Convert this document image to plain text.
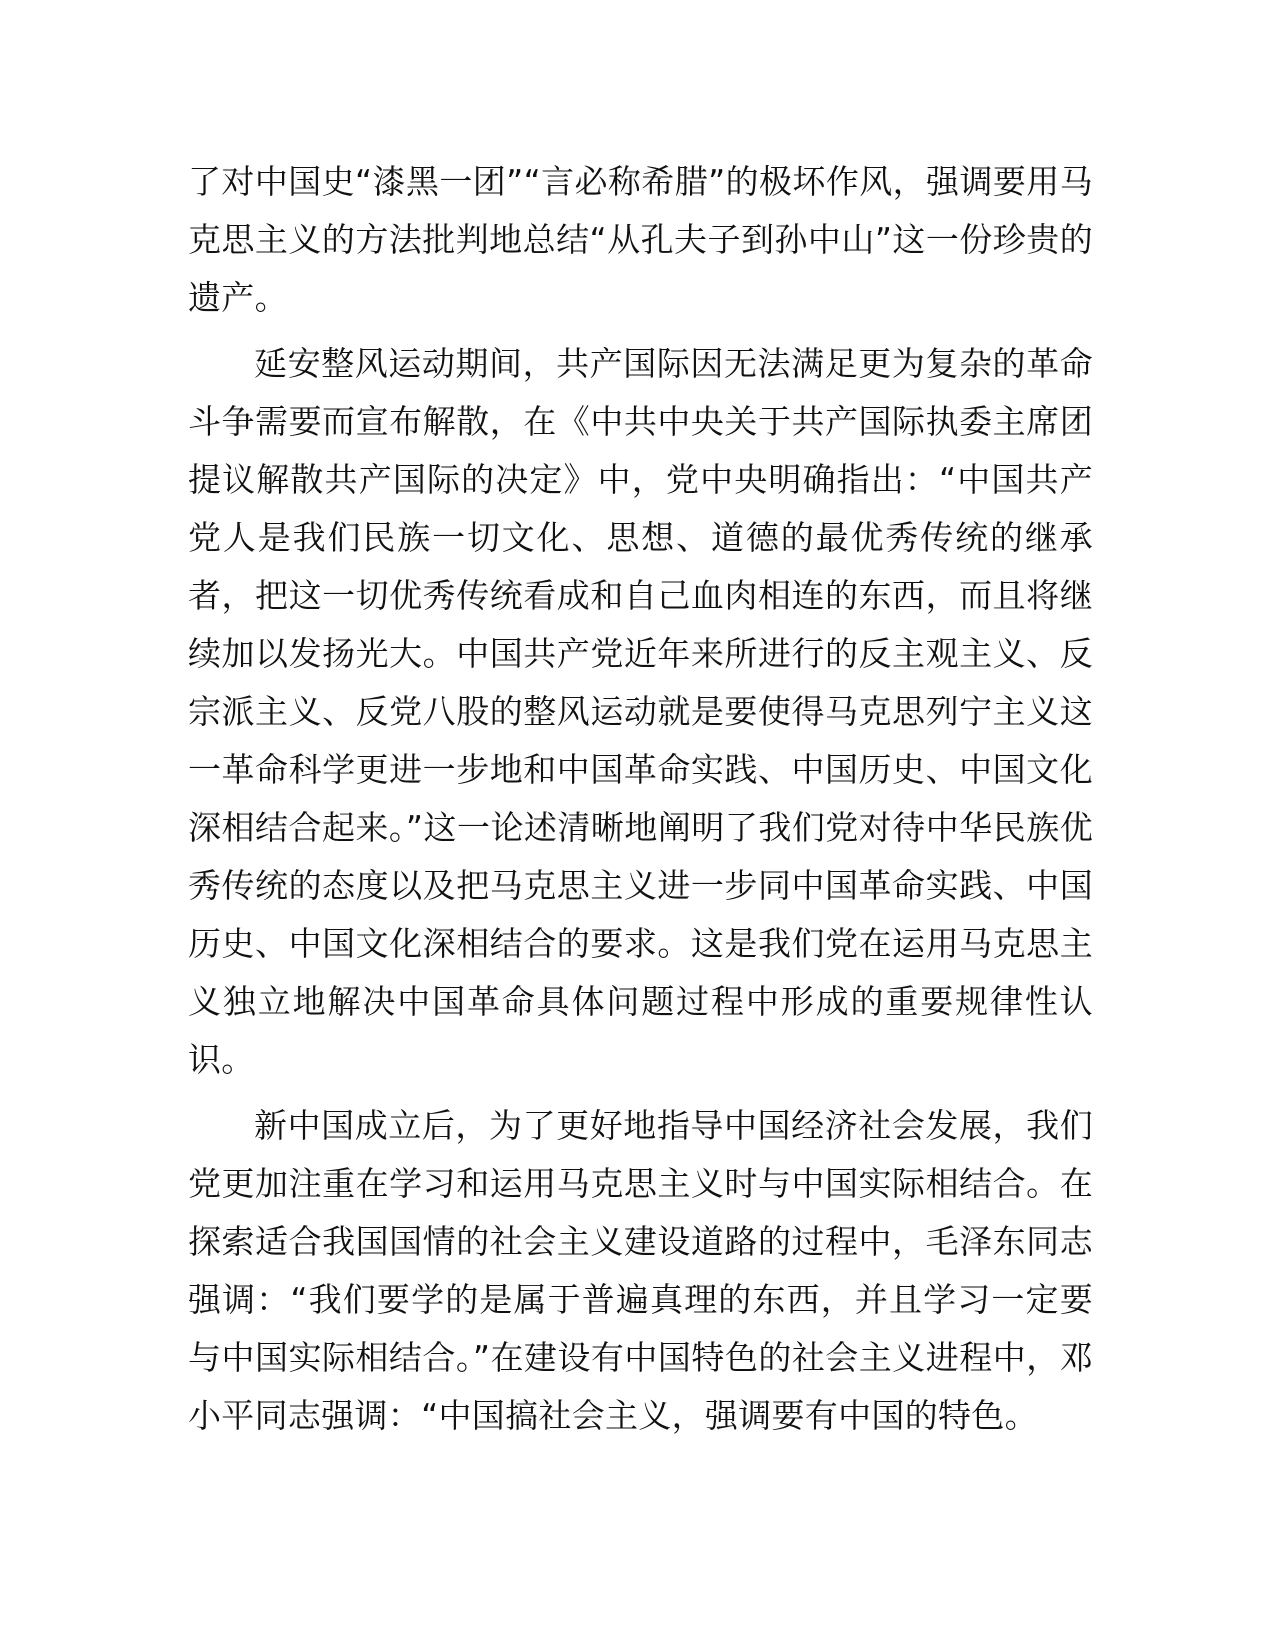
了对中国史“漆黑一团”“言必称希腊”的极坏作风，强调要用马克思主义的方法批判地总结“从孔夫子到孙中山”这一份珍贵的遗产。

延安整风运动期间，共产国际因无法满足更为复杂的革命斗争需要而宣布解散，在《中共中央关于共产国际执委主席团提议解散共产国际的决定》中，党中央明确指出：“中国共产党人是我们民族一切文化、思想、道德的最优秀传统的继承者，把这一切优秀传统看成和自己血肉相连的东西，而且将继续加以发扬光大。中国共产党近年来所进行的反主观主义、反宗派主义、反党八股的整风运动就是要使得马克思列宁主义这一革命科学更进一步地和中国革命实践、中国历史、中国文化深相结合起来。”这一论述清晰地阐明了我们党对待中华民族优秀传统的态度以及把马克思主义进一步同中国革命实践、中国历史、中国文化深相结合的要求。这是我们党在运用马克思主义独立地解决中国革命具体问题过程中形成的重要规律性认识。

新中国成立后，为了更好地指导中国经济社会发展，我们党更加注重在学习和运用马克思主义时与中国实际相结合。在探索适合我国国情的社会主义建设道路的过程中，毛泽东同志强调：“我们要学的是属于普遍真理的东西，并且学习一定要与中国实际相结合。”在建设有中国特色的社会主义进程中，邓小平同志强调：“中国搞社会主义，强调要有中国的特色。
